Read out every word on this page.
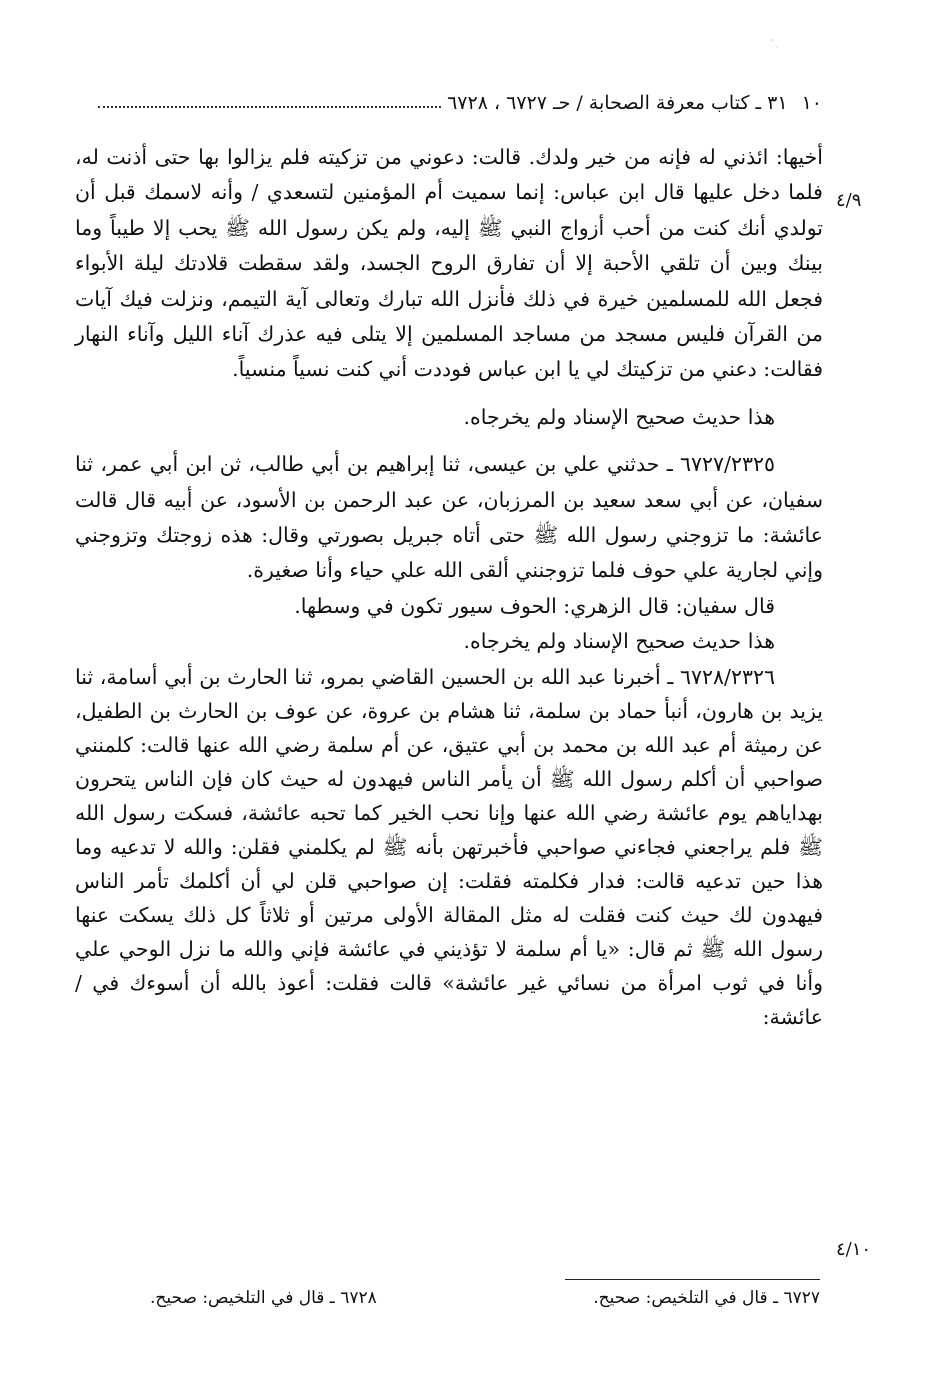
ʼ ˏ
١٠
٣١ ـ كتاب معرفة الصحابة / حـ ٦٧٢٧ ، ٦٧٢٨
٤/٩
٤/١٠

أخيها: ائذني له فإنه من خير ولدك. قالت: دعوني من تزكيته فلم يزالوا بها حتى أذنت له، فلما دخل عليها قال ابن عباس: إنما سميت أم المؤمنين لتسعدي / وأنه لاسمك قبل أن تولدي أنك كنت من أحب أزواج النبي ﷺ إليه، ولم يكن رسول الله ﷺ يحب إلا طيباً وما بينك وبين أن تلقي الأحبة إلا أن تفارق الروح الجسد، ولقد سقطت قلادتك ليلة الأبواء فجعل الله للمسلمين خيرة في ذلك فأنزل الله تبارك وتعالى آية التيمم، ونزلت فيك آيات من القرآن فليس مسجد من مساجد المسلمين إلا يتلى فيه عذرك آناء الليل وآناء النهار فقالت: دعني من تزكيتك لي يا ابن عباس فوددت أني كنت نسياً منسياً.

هذا حديث صحيح الإسناد ولم يخرجاه.

٦٧٢٧/٢٣٢٥ ـ حدثني علي بن عيسى، ثنا إبراهيم بن أبي طالب، ثن ابن أبي عمر، ثنا سفيان، عن أبي سعد سعيد بن المرزبان، عن عبد الرحمن بن الأسود، عن أبيه قال قالت عائشة: ما تزوجني رسول الله ﷺ حتى أتاه جبريل بصورتي وقال: هذه زوجتك وتزوجني وإني لجارية علي حوف فلما تزوجنني ألقى الله علي حياء وأنا صغيرة.

قال سفيان: قال الزهري: الحوف سيور تكون في وسطها.

هذا حديث صحيح الإسناد ولم يخرجاه.

٦٧٢٨/٢٣٢٦ ـ أخبرنا عبد الله بن الحسين القاضي بمرو، ثنا الحارث بن أبي أسامة، ثنا يزيد بن هارون، أنبأ حماد بن سلمة، ثنا هشام بن عروة، عن عوف بن الحارث بن الطفيل، عن رميثة أم عبد الله بن محمد بن أبي عتيق، عن أم سلمة رضي الله عنها قالت: كلمنني صواحبي أن أكلم رسول الله ﷺ أن يأمر الناس فيهدون له حيث كان فإن الناس يتحرون بهداياهم يوم عائشة رضي الله عنها وإنا نحب الخير كما تحبه عائشة، فسكت رسول الله ﷺ فلم يراجعني فجاءني صواحبي فأخبرتهن بأنه ﷺ لم يكلمني فقلن: والله لا تدعيه وما هذا حين تدعيه قالت: فدار فكلمته فقلت: إن صواحبي قلن لي أن أكلمك تأمر الناس فيهدون لك حيث كنت فقلت له مثل المقالة الأولى مرتين أو ثلاثاً كل ذلك يسكت عنها رسول الله ﷺ ثم قال: «يا أم سلمة لا تؤذيني في عائشة فإني والله ما نزل الوحي علي وأنا في ثوب امرأة من نسائي غير عائشة» قالت فقلت: أعوذ بالله أن أسوءك في / عائشة:

٦٧٢٧ ـ قال في التلخيص: صحيح.
٦٧٢٨ ـ قال في التلخيص: صحيح.
